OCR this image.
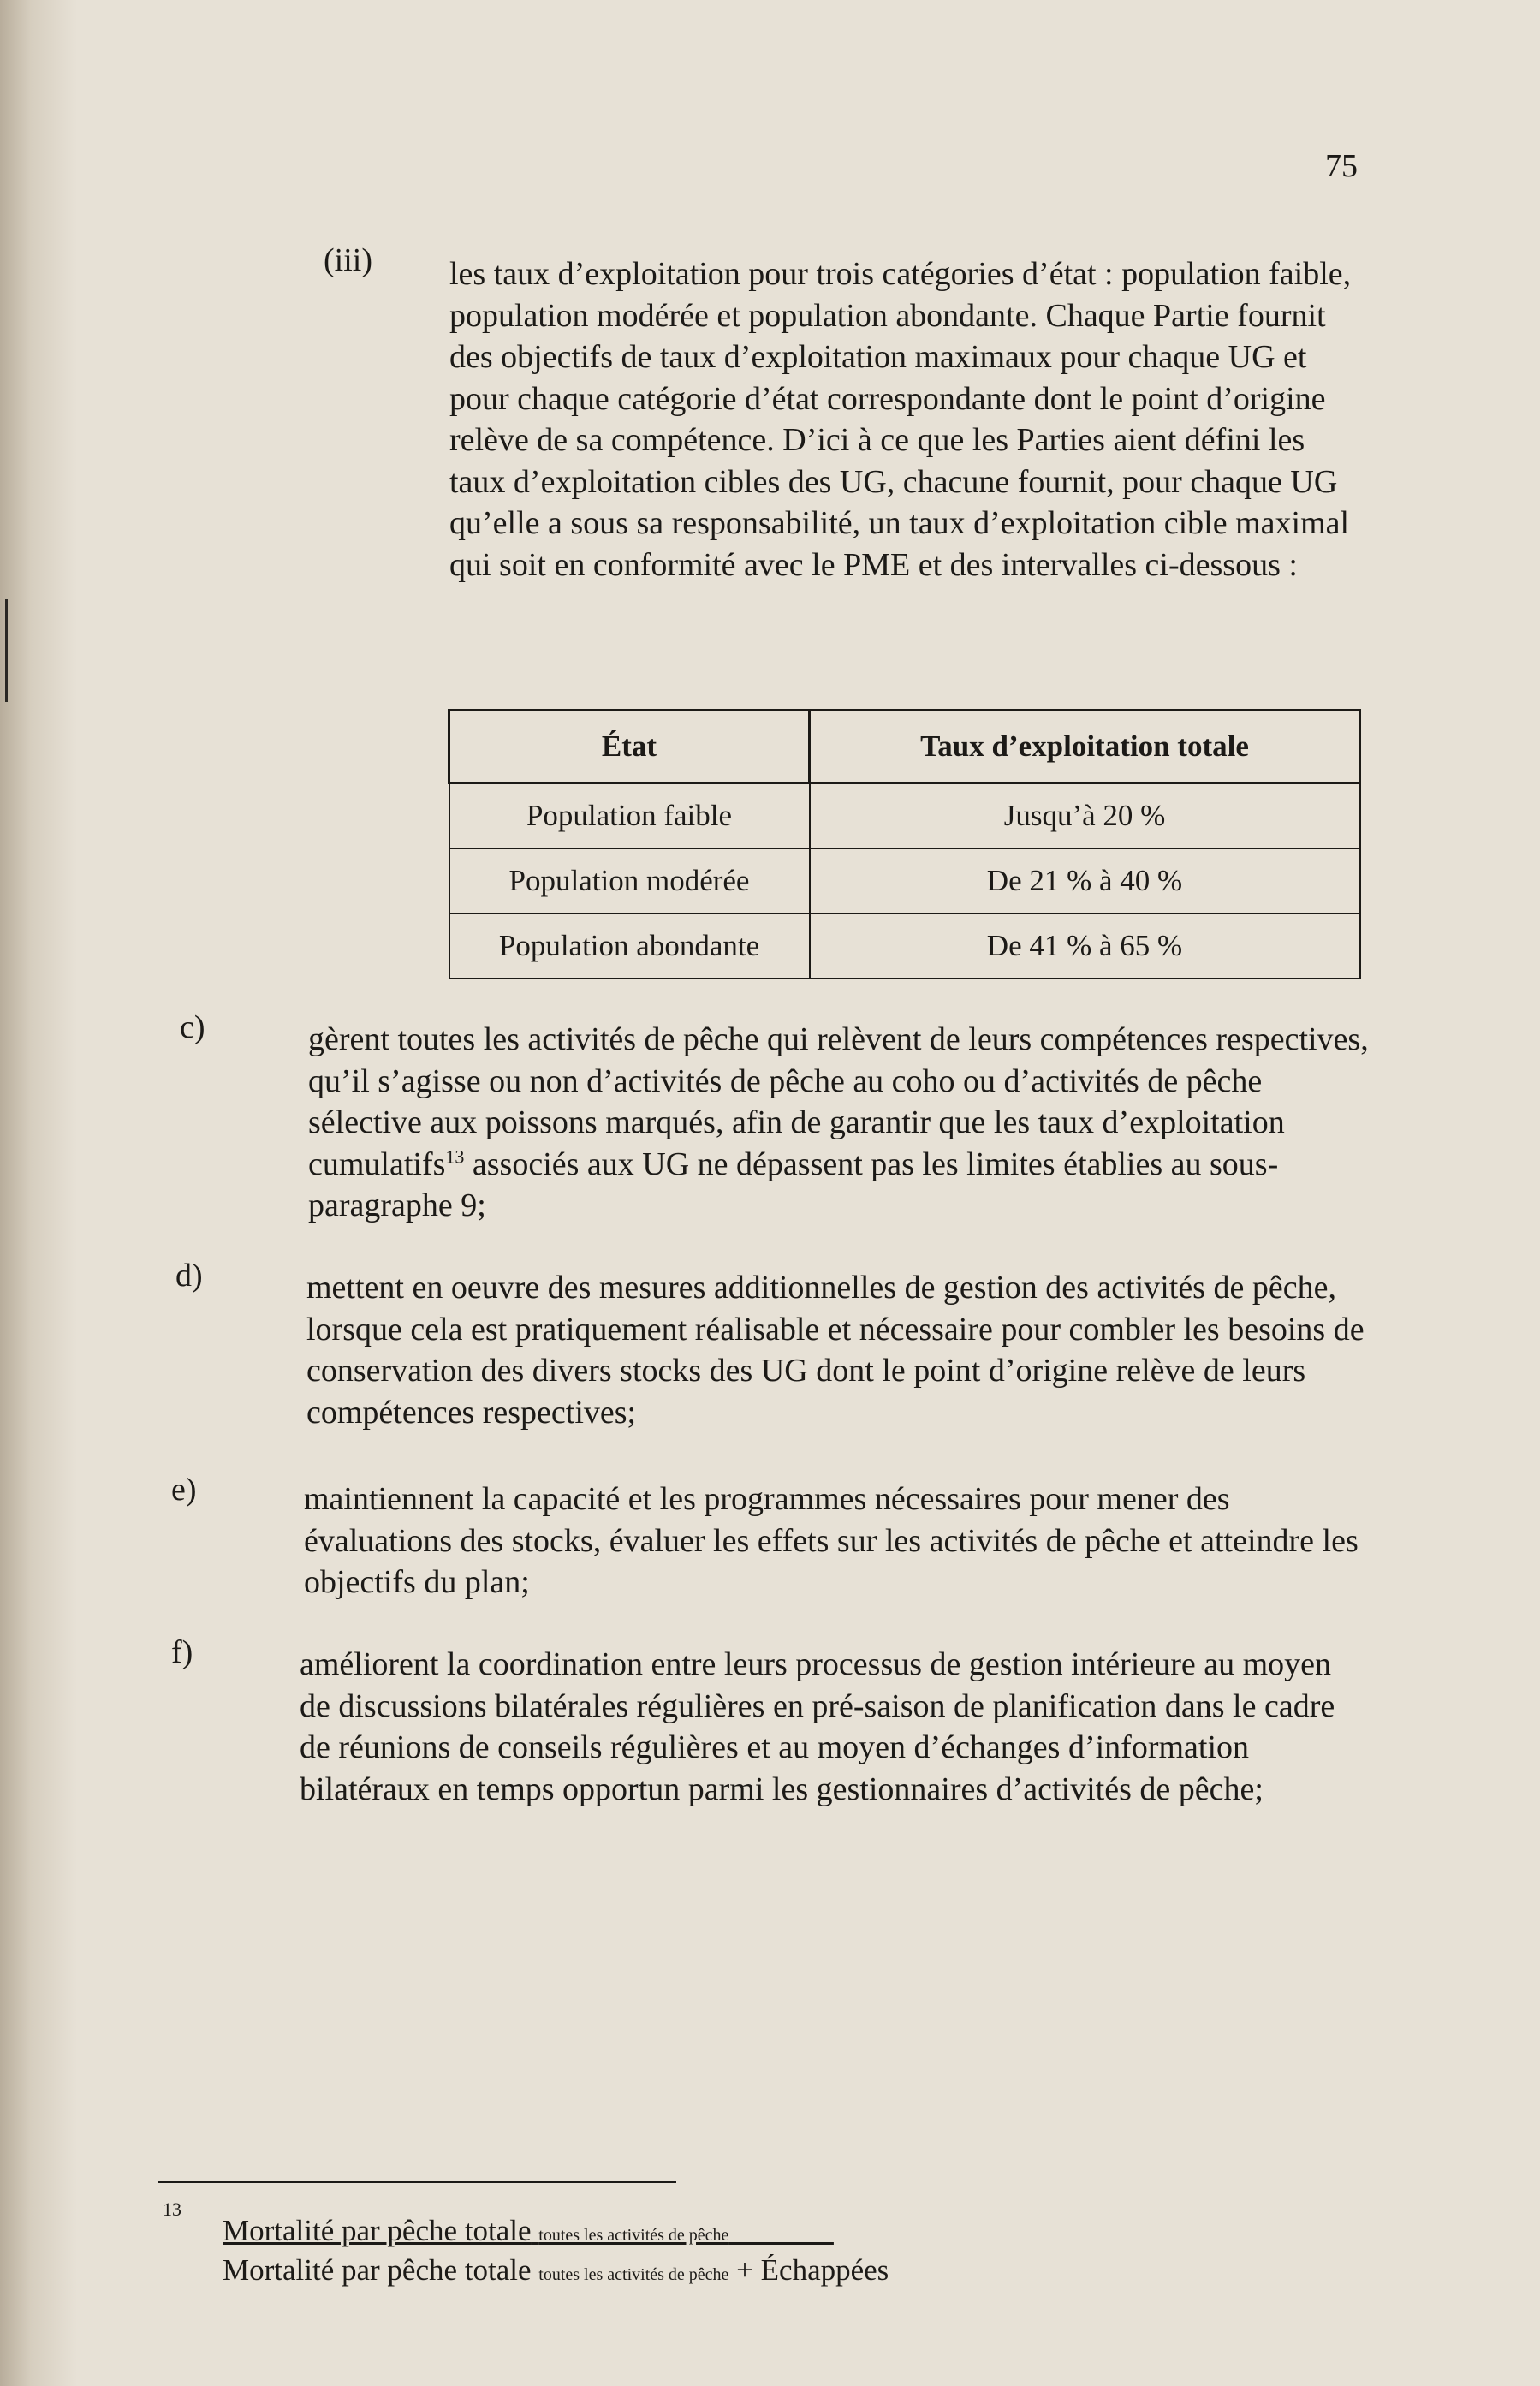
75
(iii) les taux d’exploitation pour trois catégories d’état : population faible, population modérée et population abondante. Chaque Partie fournit des objectifs de taux d’exploitation maximaux pour chaque UG et pour chaque catégorie d’état correspondante dont le point d’origine relève de sa compétence. D’ici à ce que les Parties aient défini les taux d’exploitation cibles des UG, chacune fournit, pour chaque UG qu’elle a sous sa responsabilité, un taux d’exploitation cible maximal qui soit en conformité avec le PME et des intervalles ci-dessous :

État	Taux d’exploitation totale
Population faible	Jusqu’à 20 %
Population modérée	De 21 % à 40 %
Population abondante	De 41 % à 65 %
c)	gèrent toutes les activités de pêche qui relèvent de leurs compétences respectives, qu’il s’agisse ou non d’activités de pêche au coho ou d’activités de pêche sélective aux poissons marqués, afin de garantir que les taux d’exploitation cumulatifs$^{13}$ associés aux UG ne dépassent pas les limites établies au sous-paragraphe 9;

d)	mettent en oeuvre des mesures additionnelles de gestion des activités de pêche, lorsque cela est pratiquement réalisable et nécessaire pour combler les besoins de conservation des divers stocks des UG dont le point d’origine relève de leurs compétences respectives;

e)	maintiennent la capacité et les programmes nécessaires pour mener des évaluations des stocks, évaluer les effets sur les activités de pêche et atteindre les objectifs du plan;

f)	améliorent la coordination entre leurs processus de gestion intérieure au moyen de discussions bilatérales régulières en pré-saison de planification dans le cadre de réunions de conseils régulières et au moyen d’échanges d’information bilatéraux en temps opportun parmi les gestionnaires d’activités de pêche;

13
Mortalité par pêche totale toutes les activités de pêche
Mortalité par pêche totale toutes les activités de pêche + Échappées
